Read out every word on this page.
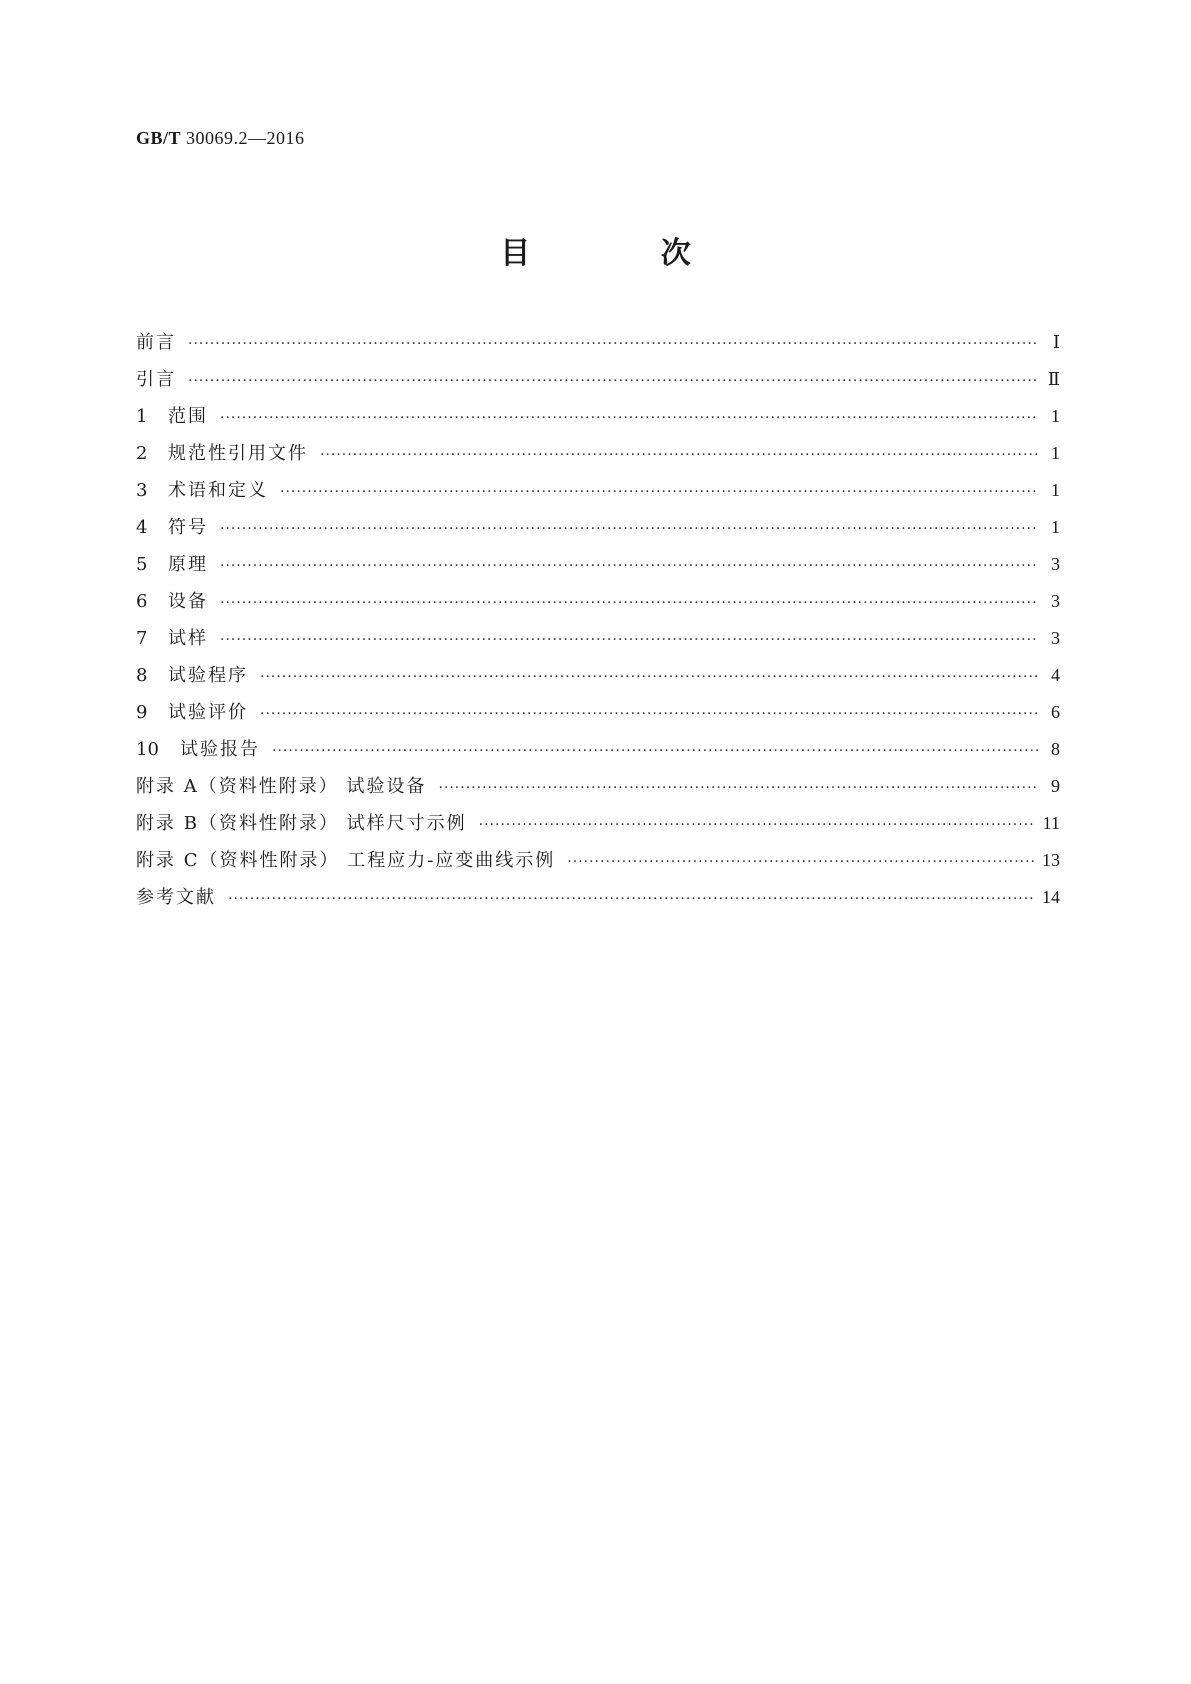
GB/T 30069.2—2016
目 次
前言 ·····	Ⅰ
引言 ·····	Ⅱ
1	范围 ·····	1
2	规范性引用文件 ·····	1
3	术语和定义 ·····	1
4	符号 ·····	1
5	原理 ·····	3
6	设备 ·····	3
7	试样 ·····	3
8	试验程序 ·····	4
9	试验评价 ·····	6
10	试验报告 ·····	8
附录 A（资料性附录） 试验设备 ·····	9
附录 B（资料性附录） 试样尺寸示例 ·····	11
附录 C（资料性附录） 工程应力-应变曲线示例 ·····	13
参考文献 ·····	14
